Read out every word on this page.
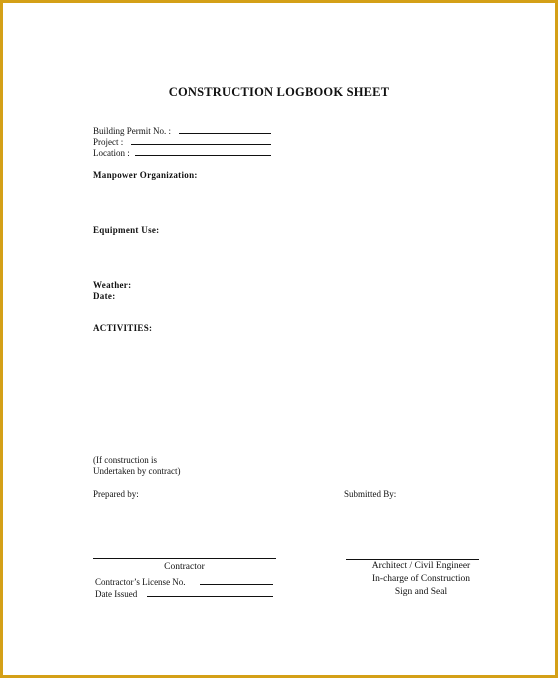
CONSTRUCTION LOGBOOK SHEET
Building Permit No. :
Project :
Location :
Manpower Organization:
Equipment Use:
Weather:
Date:
ACTIVITIES:
(If construction is
Undertaken by contract)
Prepared by:	Submitted By:
Contractor
Contractor’s License No.
Date Issued
Architect / Civil Engineer
In-charge of Construction
Sign and Seal
